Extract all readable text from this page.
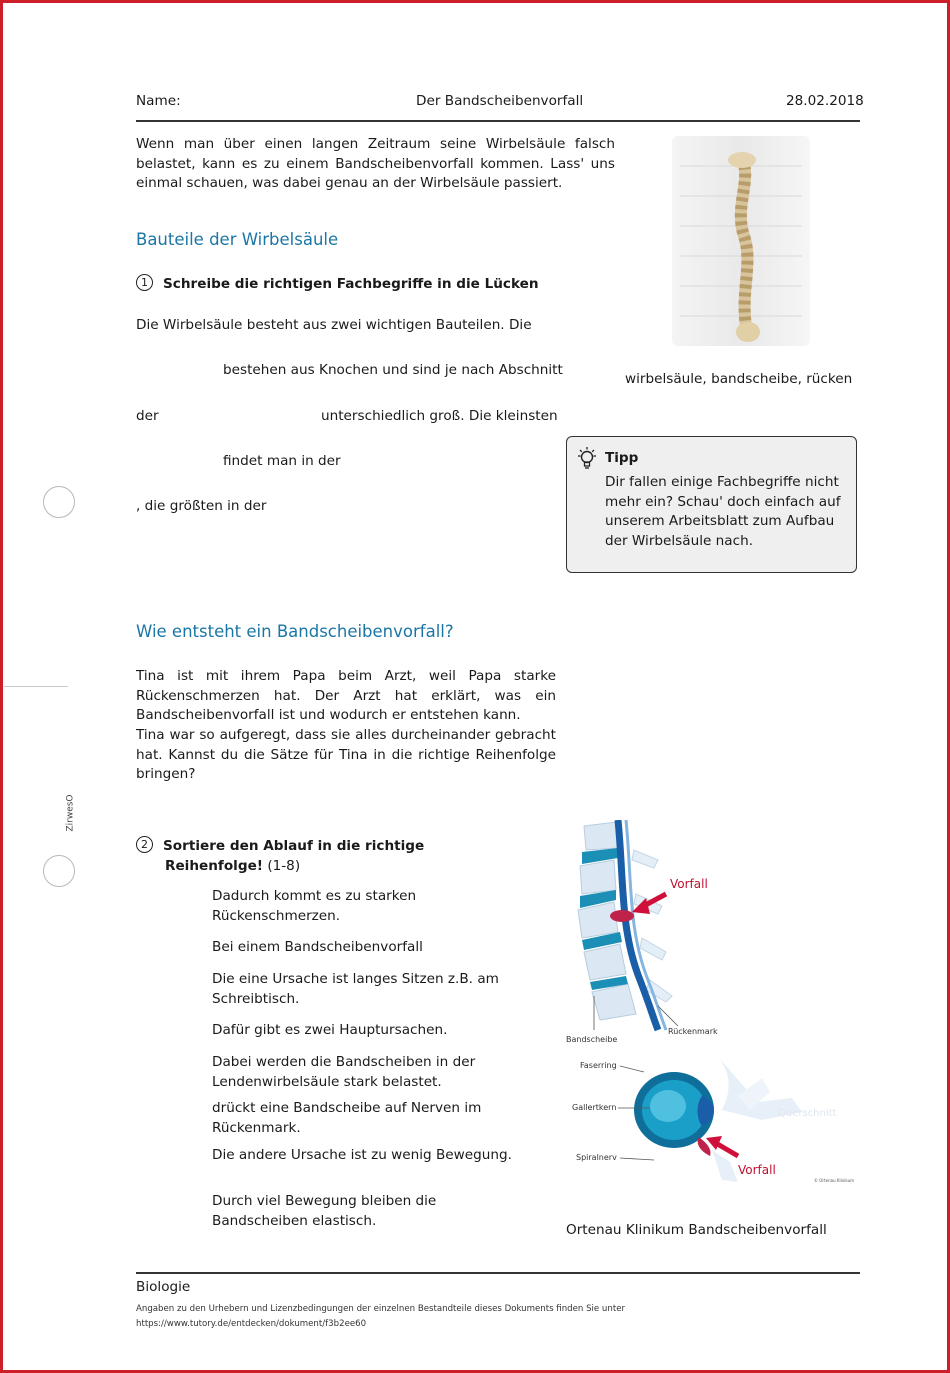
Name:	Der Bandscheibenvorfall	28.02.2018
Wenn man über einen langen Zeitraum seine Wirbelsäule falsch belastet, kann es zu einem Bandscheibenvorfall kommen. Lass' uns einmal schauen, was dabei genau an der Wirbelsäule passiert.
Bauteile der Wirbelsäule
1 Schreibe die richtigen Fachbegriffe in die Lücken
Die Wirbelsäule besteht aus zwei wichtigen Bauteilen. Die
bestehen aus Knochen und sind je nach Abschnitt
der	unterschiedlich groß. Die kleinsten
findet man in der
, die größten in der
wirbelsäule, bandscheibe, rücken
Tipp
Dir fallen einige Fachbegriffe nicht mehr ein? Schau' doch einfach auf unserem Arbeitsblatt zum Aufbau der Wirbelsäule nach.
ZirwesO
Wie entsteht ein Bandscheibenvorfall?
Tina ist mit ihrem Papa beim Arzt, weil Papa starke Rückenschmerzen hat. Der Arzt hat erklärt, was ein Bandscheibenvorfall ist und wodurch er entstehen kann.
Tina war so aufgeregt, dass sie alles durcheinander gebracht hat. Kannst du die Sätze für Tina in die richtige Reihenfolge bringen?
2 Sortiere den Ablauf in die richtige
Reihenfolge! (1-8)
Dadurch kommt es zu starken Rückenschmerzen.
Bei einem Bandscheibenvorfall
Die eine Ursache ist langes Sitzen z.B. am Schreibtisch.
Dafür gibt es zwei Hauptursachen.
Dabei werden die Bandscheiben in der Lendenwirbelsäule stark belastet.
drückt eine Bandscheibe auf Nerven im Rückenmark.
Die andere Ursache ist zu wenig Bewegung.
Durch viel Bewegung bleiben die Bandscheiben elastisch.
Vorfall
Bandscheibe
Rückenmark
Vorfall
Querschnitt
Faserring
Gallertkern
Spiralnerv
© Ortenau Klinikum
Ortenau Klinikum Bandscheibenvorfall
Biologie
Angaben zu den Urhebern und Lizenzbedingungen der einzelnen Bestandteile dieses Dokuments finden Sie unter
https://www.tutory.de/entdecken/dokument/f3b2ee60
